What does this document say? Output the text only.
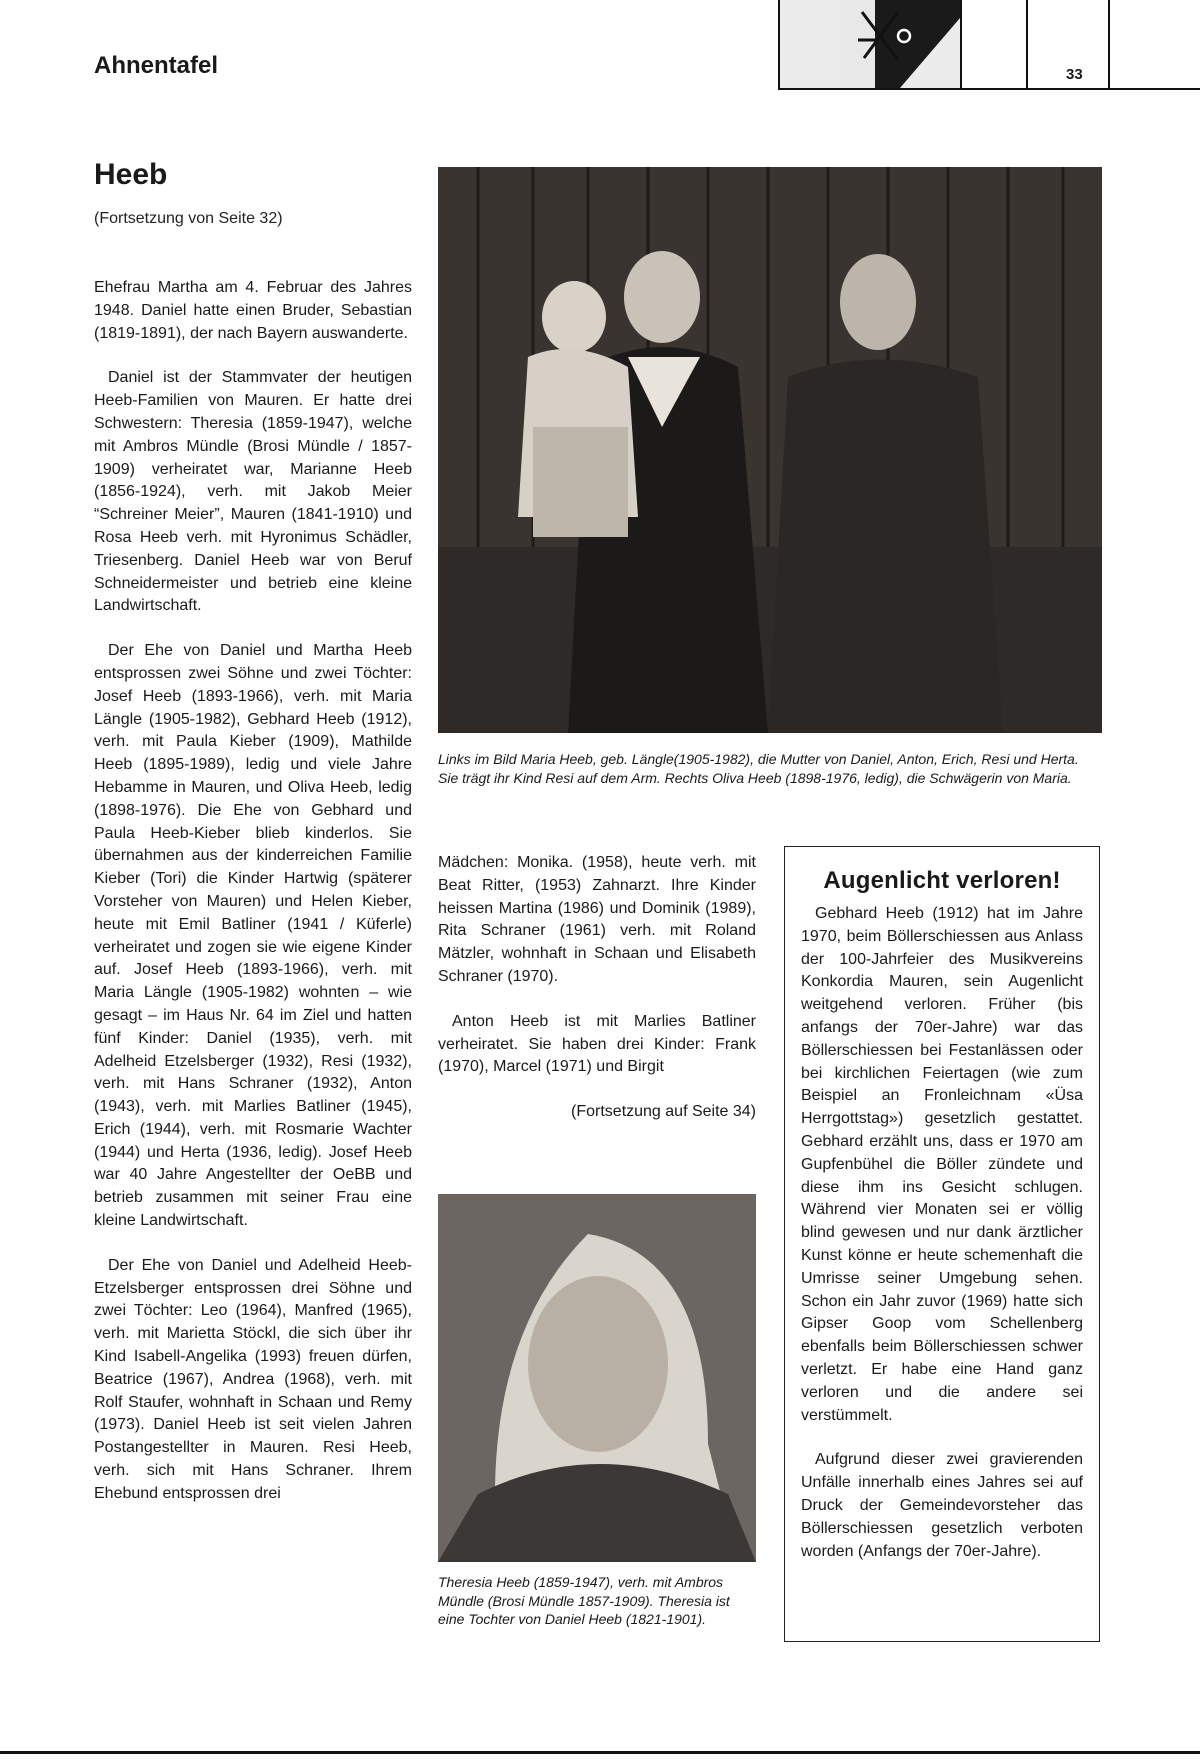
Ahnentafel	33
Heeb
(Fortsetzung von Seite 32)

Ehefrau Martha am 4. Februar des Jahres 1948. Daniel hatte einen Bruder, Sebastian (1819-1891), der nach Bayern auswanderte.

Daniel ist der Stammvater der heutigen Heeb-Familien von Mauren. Er hatte drei Schwestern: Theresia (1859-1947), welche mit Ambros Mündle (Brosi Mündle / 1857-1909) verheiratet war, Marianne Heeb (1856-1924), verh. mit Jakob Meier “Schreiner Meier”, Mauren (1841-1910) und Rosa Heeb verh. mit Hyronimus Schädler, Triesenberg. Daniel Heeb war von Beruf Schneidermeister und betrieb eine kleine Landwirtschaft.

Der Ehe von Daniel und Martha Heeb entsprossen zwei Söhne und zwei Töchter: Josef Heeb (1893-1966), verh. mit Maria Längle (1905-1982), Gebhard Heeb (1912), verh. mit Paula Kieber (1909), Mathilde Heeb (1895-1989), ledig und viele Jahre Hebamme in Mauren, und Oliva Heeb, ledig (1898-1976). Die Ehe von Gebhard und Paula Heeb-Kieber blieb kinderlos. Sie übernahmen aus der kinderreichen Familie Kieber (Tori) die Kinder Hartwig (späterer Vorsteher von Mauren) und Helen Kieber, heute mit Emil Batliner (1941 / Küferle) verheiratet und zogen sie wie eigene Kinder auf. Josef Heeb (1893-1966), verh. mit Maria Längle (1905-1982) wohnten – wie gesagt – im Haus Nr. 64 im Ziel und hatten fünf Kinder: Daniel (1935), verh. mit Adelheid Etzelsberger (1932), Resi (1932), verh. mit Hans Schraner (1932), Anton (1943), verh. mit Marlies Batliner (1945), Erich (1944), verh. mit Rosmarie Wachter (1944) und Herta (1936, ledig). Josef Heeb war 40 Jahre Angestellter der OeBB und betrieb zusammen mit seiner Frau eine kleine Landwirtschaft.

Der Ehe von Daniel und Adelheid Heeb-Etzelsberger entsprossen drei Söhne und zwei Töchter: Leo (1964), Manfred (1965), verh. mit Marietta Stöckl, die sich über ihr Kind Isabell-Angelika (1993) freuen dürfen, Beatrice (1967), Andrea (1968), verh. mit Rolf Staufer, wohnhaft in Schaan und Remy (1973). Daniel Heeb ist seit vielen Jahren Postangestellter in Mauren. Resi Heeb, verh. sich mit Hans Schraner. Ihrem Ehebund entsprossen drei

Links im Bild Maria Heeb, geb. Längle(1905-1982), die Mutter von Daniel, Anton, Erich, Resi und Herta. Sie trägt ihr Kind Resi auf dem Arm. Rechts Oliva Heeb (1898-1976, ledig), die Schwägerin von Maria.

Mädchen: Monika. (1958), heute verh. mit Beat Ritter, (1953) Zahnarzt. Ihre Kinder heissen Martina (1986) und Dominik (1989), Rita Schraner (1961) verh. mit Roland Mätzler, wohnhaft in Schaan und Elisabeth Schraner (1970).

Anton Heeb ist mit Marlies Batliner verheiratet. Sie haben drei Kinder: Frank (1970), Marcel (1971) und Birgit

(Fortsetzung auf Seite 34)

Theresia Heeb (1859-1947), verh. mit Ambros Mündle (Brosi Mündle 1857-1909). Theresia ist eine Tochter von Daniel Heeb (1821-1901).
Augenlicht verloren!

Gebhard Heeb (1912) hat im Jahre 1970, beim Böllerschiessen aus Anlass der 100-Jahrfeier des Musikvereins Konkordia Mauren, sein Augenlicht weitgehend verloren. Früher (bis anfangs der 70er-Jahre) war das Böllerschiessen bei Festanlässen oder bei kirchlichen Feiertagen (wie zum Beispiel an Fronleichnam «Üsa Herrgottstag») gesetzlich gestattet. Gebhard erzählt uns, dass er 1970 am Gupfenbühel die Böller zündete und diese ihm ins Gesicht schlugen. Während vier Monaten sei er völlig blind gewesen und nur dank ärztlicher Kunst könne er heute schemenhaft die Umrisse seiner Umgebung sehen. Schon ein Jahr zuvor (1969) hatte sich Gipser Goop vom Schellenberg ebenfalls beim Böllerschiessen schwer verletzt. Er habe eine Hand ganz verloren und die andere sei verstümmelt.

Aufgrund dieser zwei gravierenden Unfälle innerhalb eines Jahres sei auf Druck der Gemeindevorsteher das Böllerschiessen gesetzlich verboten worden (Anfangs der 70er-Jahre).
